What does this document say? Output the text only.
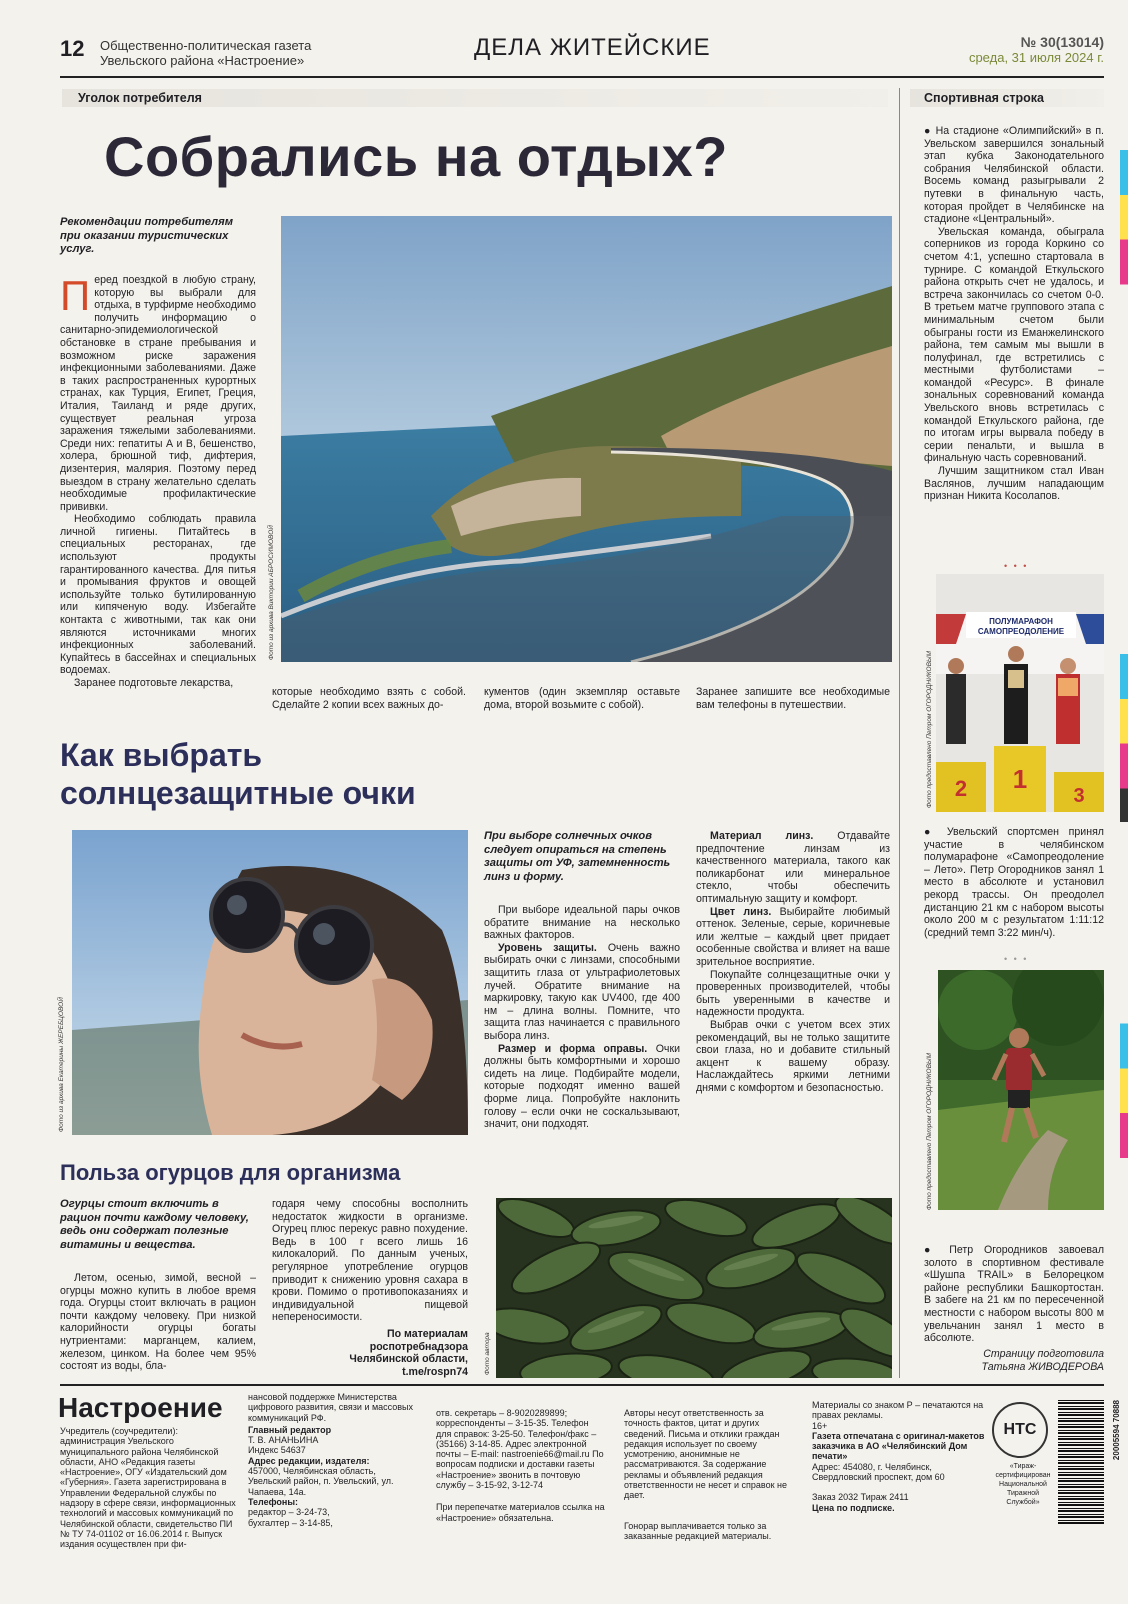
12 Общественно-политическая газета
Увельского района «Настроение»	ДЕЛА ЖИТЕЙСКИЕ	№ 30(13014)
среда, 31 июля 2024 г.
Уголок потребителя	Спортивная строка
Собрались на отдых?
Рекомендации потребителям при оказании туристических услуг.

Перед поездкой в любую страну, которую вы выбрали для отдыха, в турфирме необходимо получить информацию о санитарно-эпидемиологической обстановке в стране пребывания и возможном риске заражения инфекционными заболеваниями. Даже в таких распространенных курортных странах, как Турция, Египет, Греция, Италия, Таиланд и ряде других, существует реальная угроза заражения тяжелыми заболеваниями. Среди них: гепатиты А и В, бешенство, холера, брюшной тиф, дифтерия, дизентерия, малярия. Поэтому перед выездом в страну желательно сделать необходимые профилактические прививки.

Необходимо соблюдать правила личной гигиены. Питайтесь в специальных ресторанах, где используют продукты гарантированного качества. Для питья и промывания фруктов и овощей используйте только бутилированную или кипяченую воду. Избегайте контакта с животными, так как они являются источниками многих инфекционных заболеваний. Купайтесь в бассейнах и специальных водоемах.

Заранее подготовьте лекарства,

Фото из архива Виктории АБРОСИМОВОЙ
которые необходимо взять с собой. Сделайте 2 копии всех важных до-
кументов (один экземпляр оставьте дома, второй возьмите с собой).
Заранее запишите все необходимые вам телефоны в путешествии.
Как выбрать
солнцезащитные очки
Фото из архива Екатерины ЖЕРЕБЦОВОЙ
При выборе солнечных очков следует опираться на степень защиты от УФ, затемненность линз и форму.

При выборе идеальной пары очков обратите внимание на несколько важных факторов.

Уровень защиты. Очень важно выбирать очки с линзами, способными защитить глаза от ультрафиолетовых лучей. Обратите внимание на маркировку, такую как UV400, где 400 нм – длина волны. Помните, что защита глаз начинается с правильного выбора линз.

Размер и форма оправы. Очки должны быть комфортными и хорошо сидеть на лице. Подбирайте модели, которые подходят именно вашей форме лица. Попробуйте наклонить голову – если очки не соскальзывают, значит, они подходят.

Материал линз. Отдавайте предпочтение линзам из качественного материала, такого как поликарбонат или минеральное стекло, чтобы обеспечить оптимальную защиту и комфорт.

Цвет линз. Выбирайте любимый оттенок. Зеленые, серые, коричневые или желтые – каждый цвет придает особенные свойства и влияет на ваше зрительное восприятие.

Покупайте солнцезащитные очки у проверенных производителей, чтобы быть уверенными в качестве и надежности продукта.

Выбрав очки с учетом всех этих рекомендаций, вы не только защитите свои глаза, но и добавите стильный акцент к вашему образу. Наслаждайтесь яркими летними днями с комфортом и безопасностью.

Польза огурцов для организма
Огурцы стоит включить в рацион почти каждому человеку, ведь они содержат полезные витамины и вещества.

Летом, осенью, зимой, весной – огурцы можно купить в любое время года. Огурцы стоит включать в рацион почти каждому человеку. При низкой калорийности огурцы богаты нутриентами: марганцем, калием, железом, цинком. На более чем 95% состоят из воды, бла-

годаря чему способны восполнить недостаток жидкости в организме. Огурец плюс перекус равно похудение. Ведь в 100 г всего лишь 16 килокалорий. По данным ученых, регулярное употребление огурцов приводит к снижению уровня сахара в крови. Помимо о противопоказаниях и индивидуальной пищевой непереносимости.

По материалам
роспотребнадзора
Челябинской области,
t.me/rospn74 Фото автора

● На стадионе «Олимпийский» в п. Увельском завершился зональный этап кубка Законодательного собрания Челябинской области. Восемь команд разыгрывали 2 путевки в финальную часть, которая пройдет в Челябинске на стадионе «Центральный».

Увельская команда, обыграла соперников из города Коркино со счетом 4:1, успешно стартовала в турнире. С командой Еткульского района открыть счет не удалось, и встреча закончилась со счетом 0-0. В третьем матче группового этапа с минимальным счетом были обыграны гости из Еманжелинского района, тем самым мы вышли в полуфинал, где встретились с местными футболистами – командой «Ресурс». В финале зональных соревнований команда Увельского вновь встретилась с командой Еткульского района, где по итогам игры вырвала победу в серии пенальти, и вышла в финальную часть соревнований.

Лучшим защитником стал Иван Васлянов, лучшим нападающим признан Никита Косолапов.

• • •
ПОЛУМАРАФОН
САМОПРЕОДОЛЕНИЕ
2 1
3
Фото предоставлено Петром ОГОРОДНИКОВЫМ

● Увельский спортсмен принял участие в челябинском полумарафоне «Самопреодоление – Лето». Петр Огородников занял 1 место в абсолюте и установил рекорд трассы. Он преодолел дистанцию 21 км с набором высоты около 200 м с результатом 1:11:12 (средний темп 3:22 мин/ч).

• • •
Фото предоставлено Петром ОГОРОДНИКОВЫМ

● Петр Огородников завоевал золото в спортивном фестивале «Шушпа TRAIL» в Белорецком районе республики Башкортостан. В забеге на 21 км по пересеченной местности с набором высоты 800 м увельчанин занял 1 место в абсолюте.

Страницу подготовила
Татьяна ЖИВОДЕРОВА
Настроение
Учредитель (соучредители): администрация Увельского муниципального района Челябинской области, АНО «Редакция газеты «Настроение», ОГУ «Издательский дом «Губерния». Газета зарегистрирована в Управлении Федеральной службы по надзору в сфере связи, информационных технологий и массовых коммуникаций по Челябинской области, свидетельство ПИ № ТУ 74-01102 от 16.06.2014 г. Выпуск издания осуществлен при фи-
нансовой поддержке Министерства цифрового развития, связи и массовых коммуникаций РФ.
Главный редактор
Т. В. АНАНЬИНА
Индекс 54637
Адрес редакции, издателя:
457000, Челябинская область, Увельский район, п. Увельский, ул. Чапаева, 14а.
Телефоны:
редактор – 3-24-73,
бухгалтер – 3-14-85,
отв. секретарь – 8-9020289899; корреспонденты – 3-15-35. Телефон для справок: 3-25-50. Телефон/факс – (35166) 3-14-85. Адрес электронной почты – E-mail: nastroenie66@mail.ru По вопросам подписки и доставки газеты «Настроение» звонить в почтовую службу – 3-15-92, 3-12-74
При перепечатке материалов ссылка на «Настроение» обязательна.
Авторы несут ответственность за точность фактов, цитат и других сведений. Письма и отклики граждан редакция использует по своему усмотрению, анонимные не рассматриваются. За содержание рекламы и объявлений редакция ответственности не несет и справок не дает.
Гонорар выплачивается только за заказанные редакцией материалы.
Материалы со знаком Р – печатаются на правах рекламы.
16+
Газета отпечатана с оригинал-макетов заказчика в АО «Челябинский Дом печати»
Адрес: 454080, г. Челябинск, Свердловский проспект, дом 60
Заказ 2032 Тираж 2411
Цена по подписке.
НТС
«Тираж-сертифицирован Национальной Тиражной Службой»
20005594 70888
